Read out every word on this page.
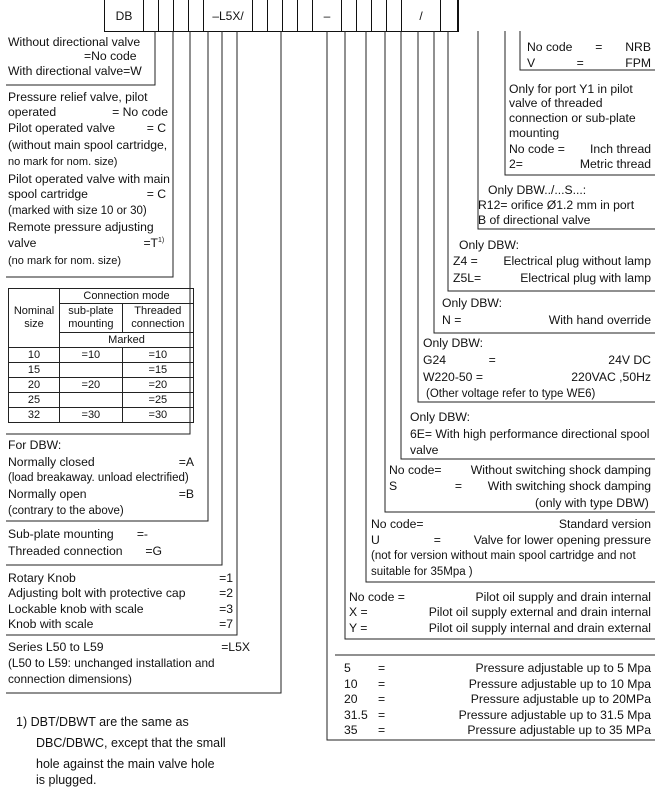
DB	–L5X/	–	/
Without directional valve
=No code
With directional valve=W
Pressure relief valve, pilot
operated	= No code
Pilot operated valve	= C
(without main spool cartridge,
no mark for nom. size)
Pilot operated valve with main
spool cartridge	= C
(marked with size 10 or 30)
Remote pressure adjusting
valve	=T 1)
(no mark for nom. size)
Nominal size	Connection mode	
	sub-plate mounting	Threaded connection
	Marked	
10	=10	=10
15		=15
20	=20	=20
25		=25
32	=30	=30
For DBW:
Normally closed	=A
(load breakaway. unload electrified)
Normally open	=B
(contrary to the above)
Sub-plate mounting =-
Threaded connection =G
Rotary Knob	=1
Adjusting bolt with protective cap	=2
Lockable knob with scale	=3
Knob with scale	=7
Series L50 to L59	=L5X
(L50 to L59: unchanged installation and
connection dimensions)
1) DBT/DBWT are the same as
DBC/DBWC, except that the small
hole against the main valve hole
is plugged.
No code = NRB
V	=	FPM
Only for port Y1 in pilot
valve of threaded
connection or sub-plate
mounting
No code = Inch thread
2=	Metric thread
Only DBW../...S...:
R12= orifice Ø1.2 mm in port
B of directional valve
Only DBW:
Z4 = Electrical plug without lamp
Z5L=	Electrical plug with lamp
Only DBW:
N =	With hand override
Only DBW:
G24	=	24V DC
W220-50 =	220VAC ,50Hz
(Other voltage refer to type WE6)
Only DBW:
6E= With high performance directional spool
valve
No code= Without switching shock damping
S	= With switching shock damping
(only with type DBW)
No code=	Standard version
U	=	Valve for lower opening pressure
(not for version without main spool cartridge and not
suitable for 35Mpa )
No code =	Pilot oil supply and drain internal
X =	Pilot oil supply external and drain internal
Y =	Pilot oil supply internal and drain external
5	=	Pressure adjustable up to 5 Mpa
10	=	Pressure adjustable up to 10 Mpa
20	=	Pressure adjustable up to 20MPa
31.5 =	Pressure adjustable up to 31.5 Mpa
35	=	Pressure adjustable up to 35 MPa
